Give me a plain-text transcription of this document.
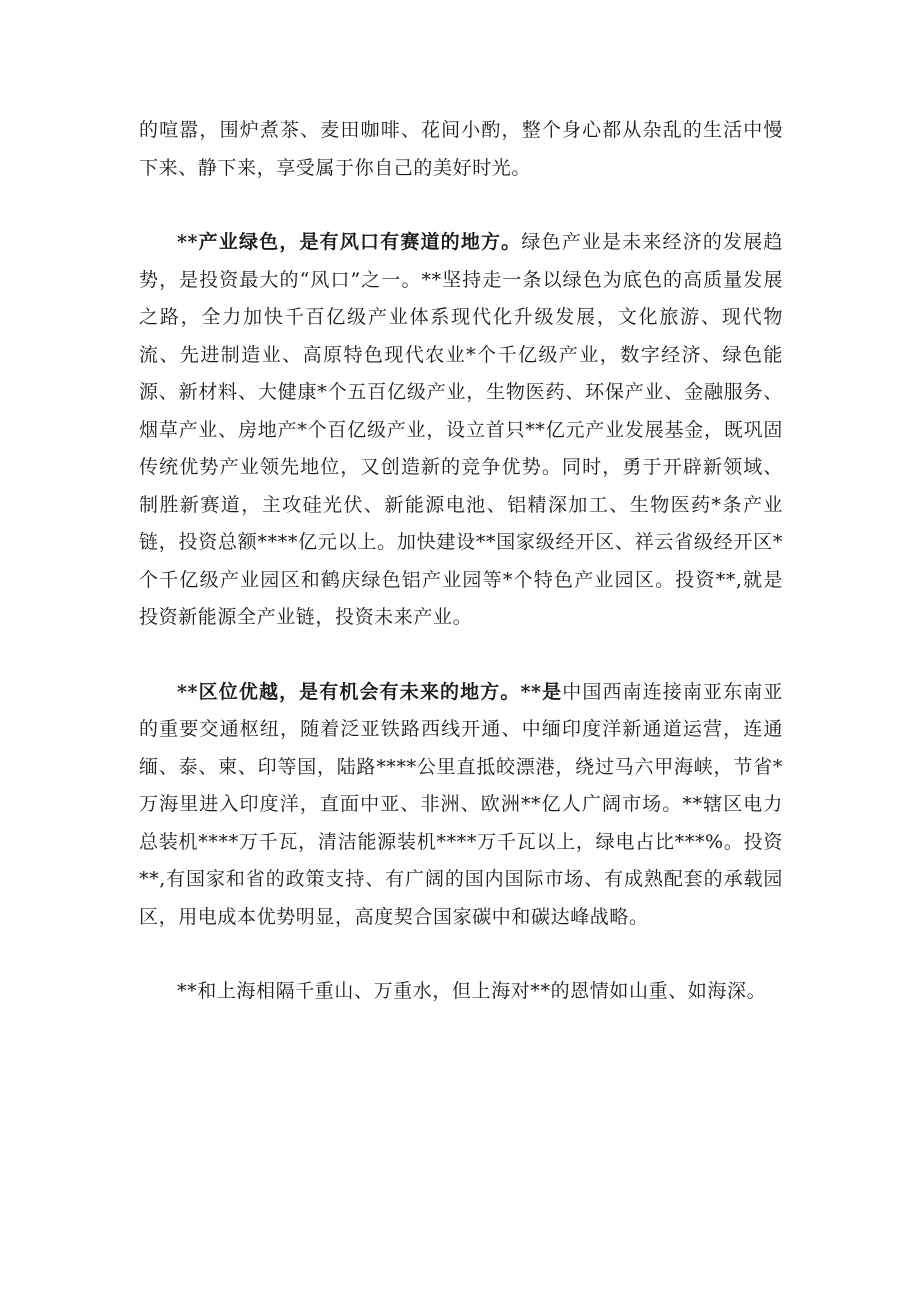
的喧嚣，围炉煮茶、麦田咖啡、花间小酌，整个身心都从杂乱的生活中慢下来、静下来，享受属于你自己的美好时光。

**产业绿色，是有风口有赛道的地方。绿色产业是未来经济的发展趋势，是投资最大的“风口”之一。**坚持走一条以绿色为底色的高质量发展之路，全力加快千百亿级产业体系现代化升级发展，文化旅游、现代物流、先进制造业、高原特色现代农业*个千亿级产业，数字经济、绿色能源、新材料、大健康*个五百亿级产业，生物医药、环保产业、金融服务、烟草产业、房地产*个百亿级产业，设立首只**亿元产业发展基金，既巩固传统优势产业领先地位，又创造新的竞争优势。同时，勇于开辟新领域、制胜新赛道，主攻硅光伏、新能源电池、铝精深加工、生物医药*条产业链，投资总额****亿元以上。加快建设**国家级经开区、祥云省级经开区*个千亿级产业园区和鹤庆绿色铝产业园等*个特色产业园区。投资**,就是投资新能源全产业链，投资未来产业。

**区位优越，是有机会有未来的地方。**是中国西南连接南亚东南亚的重要交通枢纽，随着泛亚铁路西线开通、中缅印度洋新通道运营，连通缅、泰、柬、印等国，陆路****公里直抵皎漂港，绕过马六甲海峡，节省*万海里进入印度洋，直面中亚、非洲、欧洲**亿人广阔市场。**辖区电力总装机****万千瓦，清洁能源装机****万千瓦以上，绿电占比***%。投资**,有国家和省的政策支持、有广阔的国内国际市场、有成熟配套的承载园区，用电成本优势明显，高度契合国家碳中和碳达峰战略。

**和上海相隔千重山、万重水，但上海对**的恩情如山重、如海深。
